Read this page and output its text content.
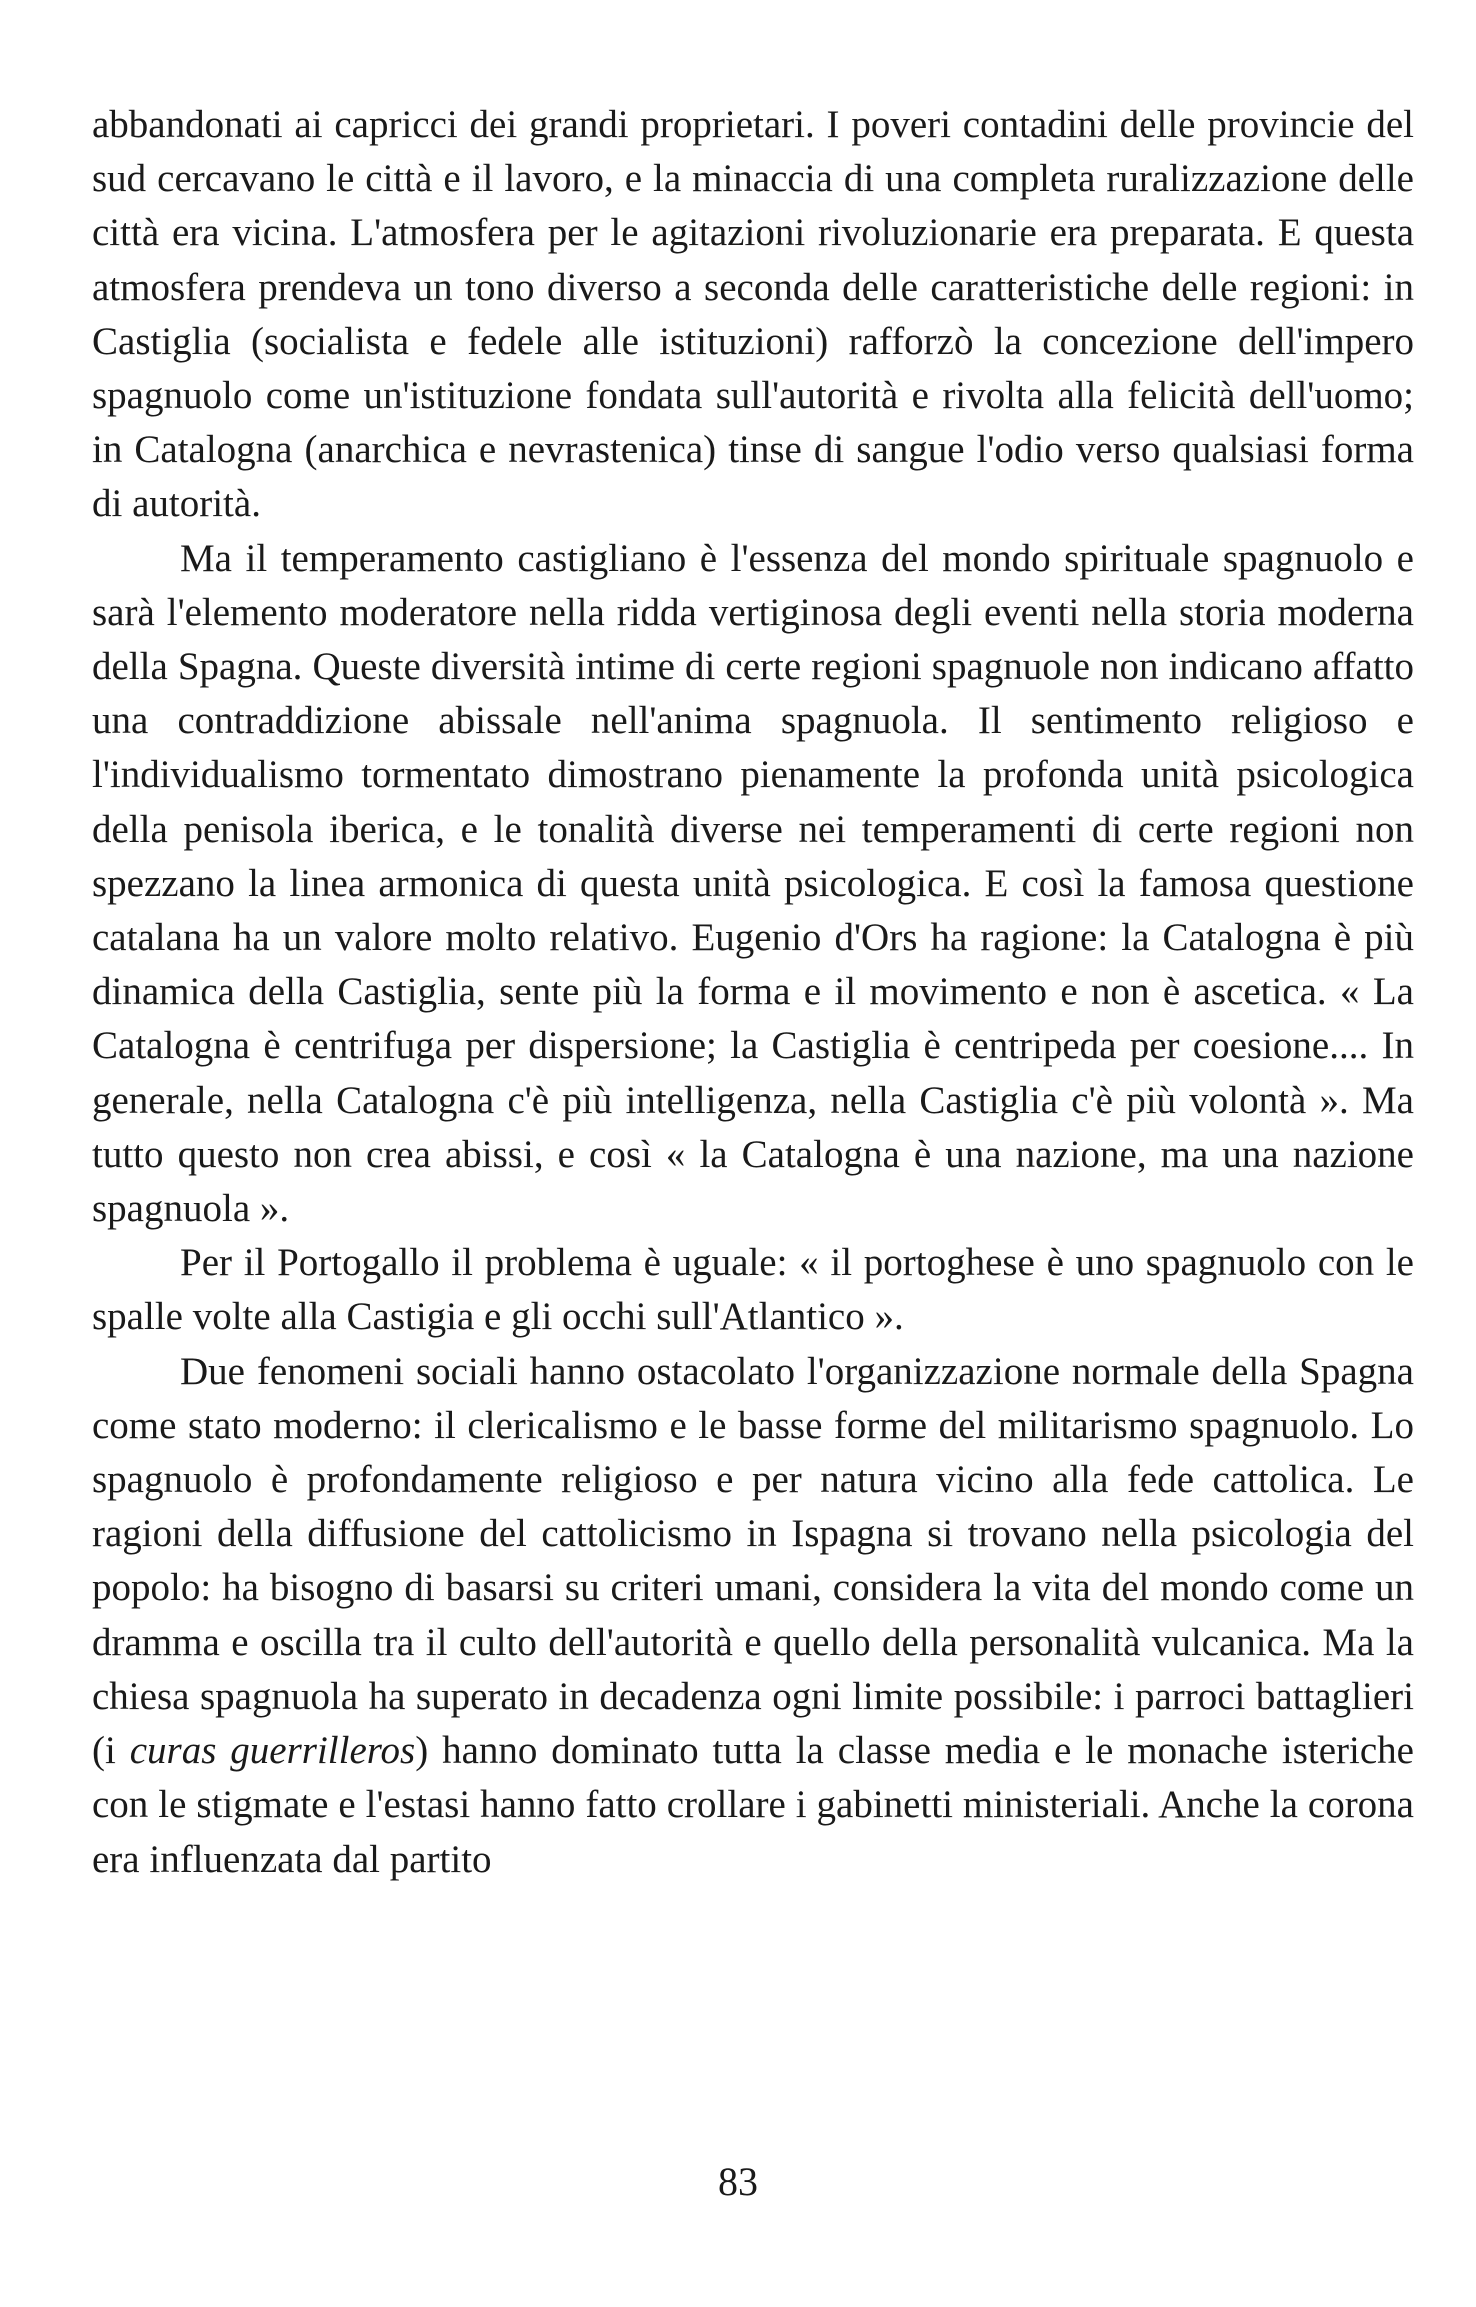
abbandonati ai capricci dei grandi proprietari. I poveri contadini delle provincie del sud cercavano le città e il lavoro, e la minaccia di una completa ruralizzazione delle città era vicina. L'atmosfera per le agitazioni rivoluzionarie era preparata. E questa atmosfera prendeva un tono diverso a seconda delle caratteristiche delle regioni: in Castiglia (socialista e fedele alle istituzioni) rafforzò la concezione dell'impero spagnuolo come un'istituzione fondata sull'autorità e rivolta alla felicità dell'uomo; in Catalogna (anarchica e nevrastenica) tinse di sangue l'odio verso qualsiasi forma di autorità.

Ma il temperamento castigliano è l'essenza del mondo spirituale spagnuolo e sarà l'elemento moderatore nella ridda vertiginosa degli eventi nella storia moderna della Spagna. Queste diversità intime di certe regioni spagnuole non indicano affatto una contraddizione abissale nell'anima spagnuola. Il sentimento religioso e l'individualismo tormentato dimostrano pienamente la profonda unità psicologica della penisola iberica, e le tonalità diverse nei temperamenti di certe regioni non spezzano la linea armonica di questa unità psicologica. E così la famosa questione catalana ha un valore molto relativo. Eugenio d'Ors ha ragione: la Catalogna è più dinamica della Castiglia, sente più la forma e il movimento e non è ascetica. « La Catalogna è centrifuga per dispersione; la Castiglia è centripeda per coesione.... In generale, nella Catalogna c'è più intelligenza, nella Castiglia c'è più volontà ». Ma tutto questo non crea abissi, e così « la Catalogna è una nazione, ma una nazione spagnuola ».

Per il Portogallo il problema è uguale: « il portoghese è uno spagnuolo con le spalle volte alla Castigia e gli occhi sull'Atlantico ».

Due fenomeni sociali hanno ostacolato l'organizzazione normale della Spagna come stato moderno: il clericalismo e le basse forme del militarismo spagnuolo. Lo spagnuolo è profondamente religioso e per natura vicino alla fede cattolica. Le ragioni della diffusione del cattolicismo in Ispagna si trovano nella psicologia del popolo: ha bisogno di basarsi su criteri umani, considera la vita del mondo come un dramma e oscilla tra il culto dell'autorità e quello della personalità vulcanica. Ma la chiesa spagnuola ha superato in decadenza ogni limite possibile: i parroci battaglieri (i curas guerrilleros) hanno dominato tutta la classe media e le monache isteriche con le stigmate e l'estasi hanno fatto crollare i gabinetti ministeriali. Anche la corona era influenzata dal partito

83
